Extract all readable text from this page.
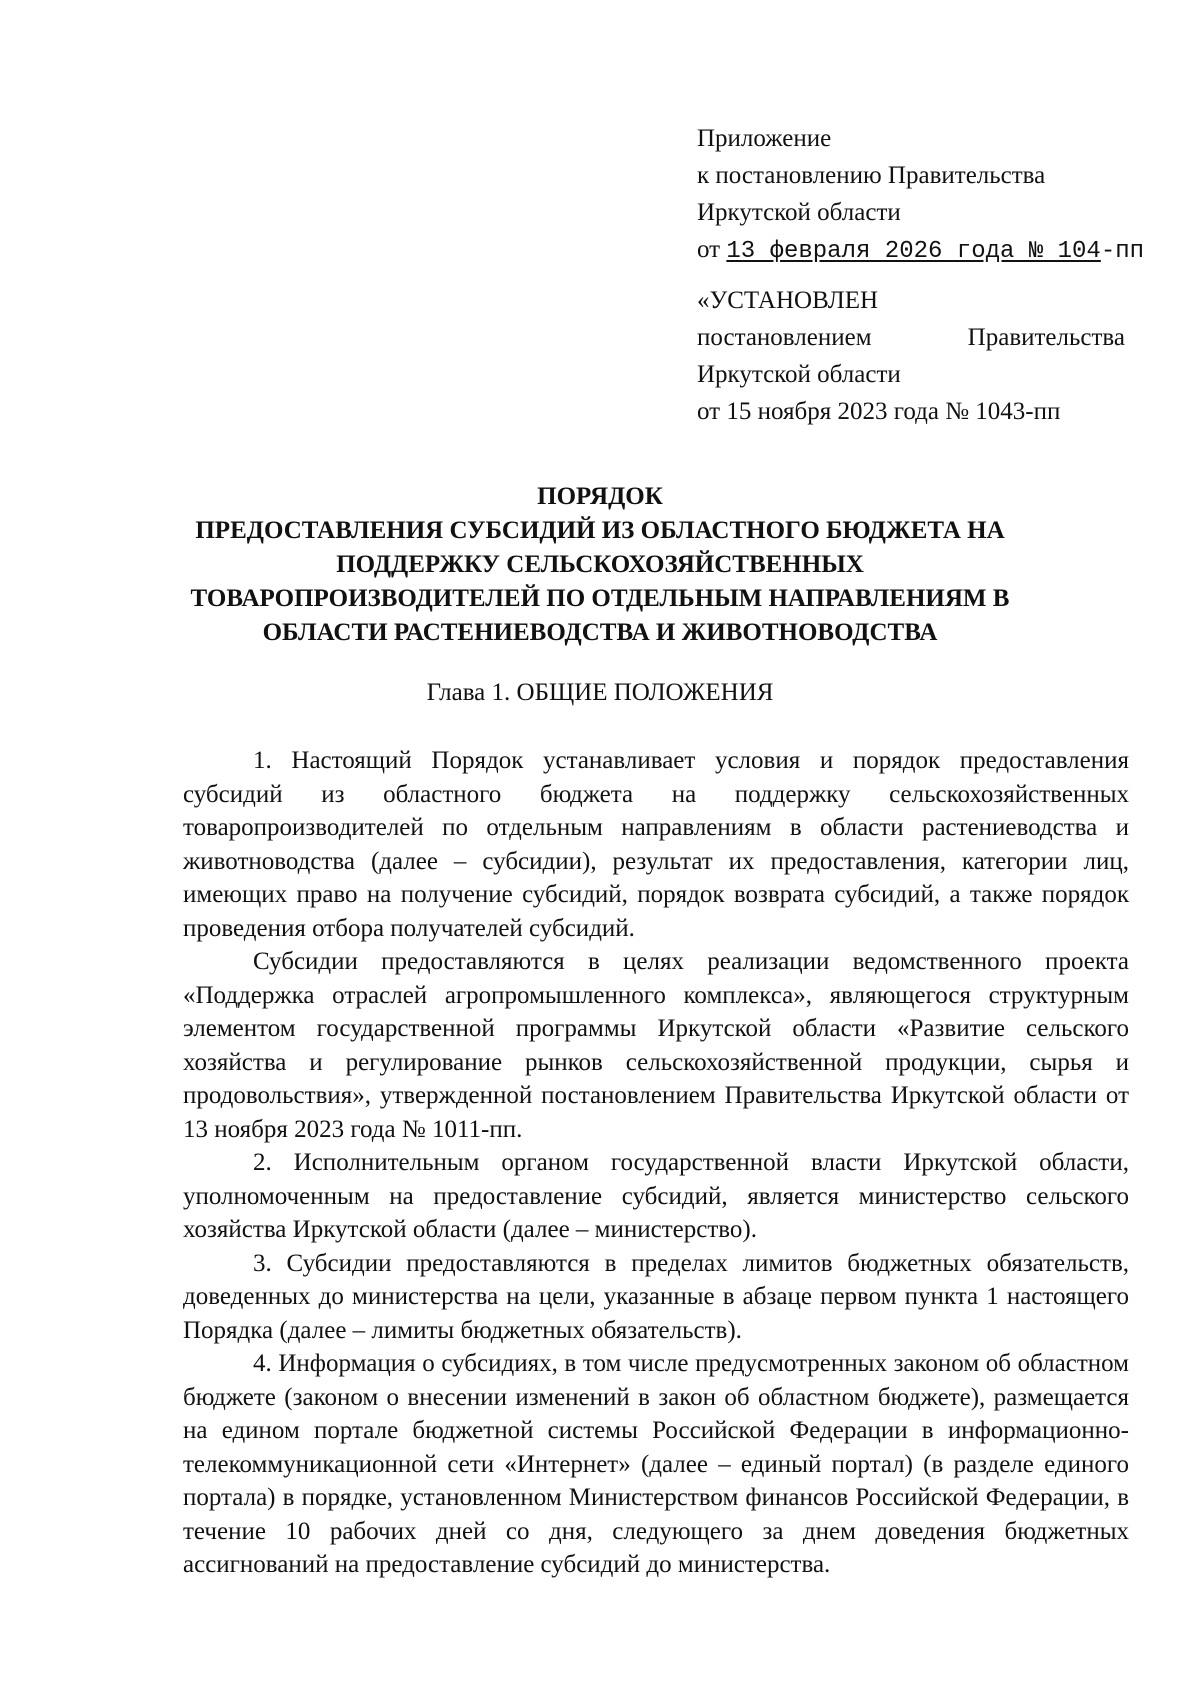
Приложение
к постановлению Правительства
Иркутской области
от 13 февраля 2026 года № 104-пп
«УСТАНОВЛЕН
постановлением	Правительства
Иркутской области
от 15 ноября 2023 года № 1043-пп
ПОРЯДОК
ПРЕДОСТАВЛЕНИЯ СУБСИДИЙ ИЗ ОБЛАСТНОГО БЮДЖЕТА НА
ПОДДЕРЖКУ СЕЛЬСКОХОЗЯЙСТВЕННЫХ
ТОВАРОПРОИЗВОДИТЕЛЕЙ ПО ОТДЕЛЬНЫМ НАПРАВЛЕНИЯМ В
ОБЛАСТИ РАСТЕНИЕВОДСТВА И ЖИВОТНОВОДСТВА
Глава 1. ОБЩИЕ ПОЛОЖЕНИЯ

1. Настоящий Порядок устанавливает условия и порядок предоставления субсидий из областного бюджета на поддержку сельскохозяйственных товаропроизводителей по отдельным направлениям в области растениеводства и животноводства (далее – субсидии), результат их предоставления, категории лиц, имеющих право на получение субсидий, порядок возврата субсидий, а также порядок проведения отбора получателей субсидий.

Субсидии предоставляются в целях реализации ведомственного проекта «Поддержка отраслей агропромышленного комплекса», являющегося структурным элементом государственной программы Иркутской области «Развитие сельского хозяйства и регулирование рынков сельскохозяйственной продукции, сырья и продовольствия», утвержденной постановлением Правительства Иркутской области от 13 ноября 2023 года № 1011-пп.

2. Исполнительным органом государственной власти Иркутской области, уполномоченным на предоставление субсидий, является министерство сельского хозяйства Иркутской области (далее – министерство).

3. Субсидии предоставляются в пределах лимитов бюджетных обязательств, доведенных до министерства на цели, указанные в абзаце первом пункта 1 настоящего Порядка (далее – лимиты бюджетных обязательств).

4. Информация о субсидиях, в том числе предусмотренных законом об областном бюджете (законом о внесении изменений в закон об областном бюджете), размещается на едином портале бюджетной системы Российской Федерации в информационно-телекоммуникационной сети «Интернет» (далее – единый портал) (в разделе единого портала) в порядке, установленном Министерством финансов Российской Федерации, в течение 10 рабочих дней со дня, следующего за днем доведения бюджетных ассигнований на предоставление субсидий до министерства.
